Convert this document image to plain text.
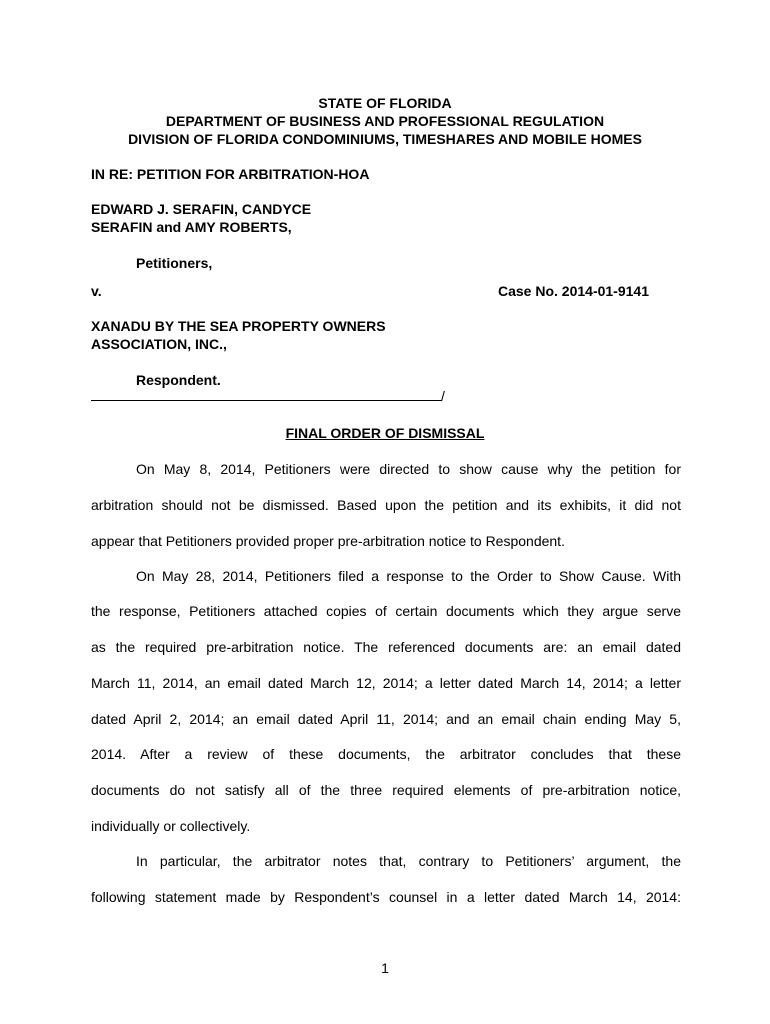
STATE OF FLORIDA
DEPARTMENT OF BUSINESS AND PROFESSIONAL REGULATION
DIVISION OF FLORIDA CONDOMINIUMS, TIMESHARES AND MOBILE HOMES
IN RE: PETITION FOR ARBITRATION-HOA
EDWARD J. SERAFIN, CANDYCE
SERAFIN and AMY ROBERTS,
Petitioners,
v.	Case No. 2014-01-9141
XANADU BY THE SEA PROPERTY OWNERS
ASSOCIATION, INC.,
Respondent.
/
FINAL ORDER OF DISMISSAL
On May 8, 2014, Petitioners were directed to show cause why the petition for
arbitration should not be dismissed. Based upon the petition and its exhibits, it did not
appear that Petitioners provided proper pre-arbitration notice to Respondent.
On May 28, 2014, Petitioners filed a response to the Order to Show Cause. With
the response, Petitioners attached copies of certain documents which they argue serve
as the required pre-arbitration notice. The referenced documents are: an email dated
March 11, 2014, an email dated March 12, 2014; a letter dated March 14, 2014; a letter
dated April 2, 2014; an email dated April 11, 2014; and an email chain ending May 5,
2014. After a review of these documents, the arbitrator concludes that these
documents do not satisfy all of the three required elements of pre-arbitration notice,
individually or collectively.
In particular, the arbitrator notes that, contrary to Petitioners’ argument, the
following statement made by Respondent’s counsel in a letter dated March 14, 2014:
1
